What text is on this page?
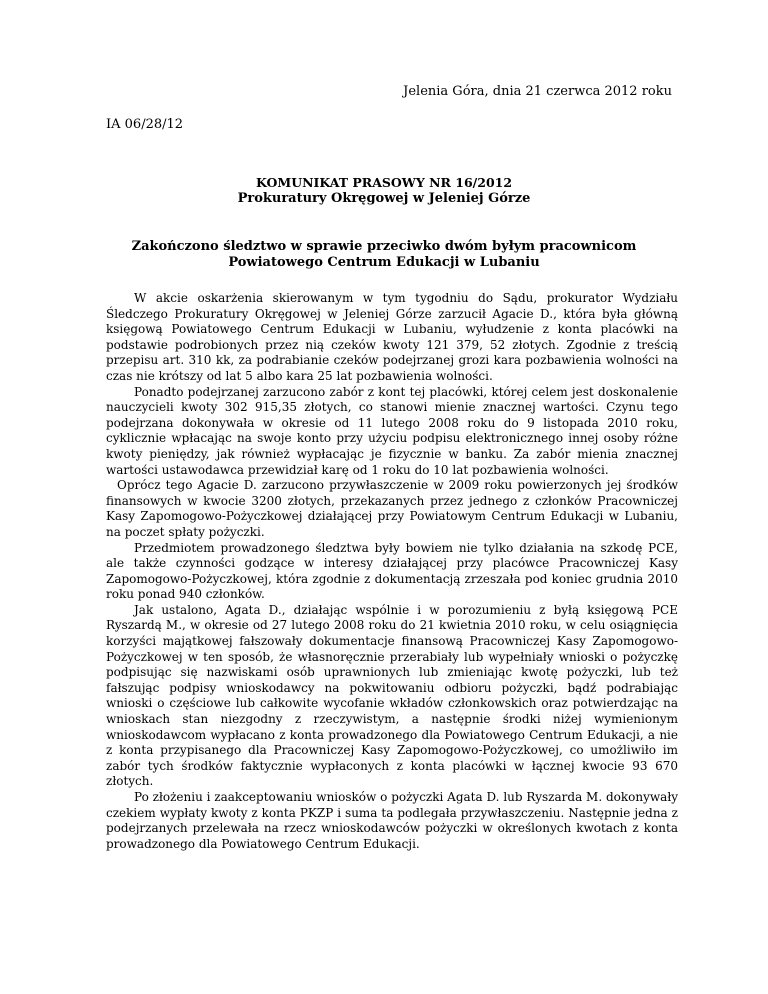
Jelenia Góra, dnia 21 czerwca 2012 roku
IA 06/28/12
KOMUNIKAT PRASOWY NR 16/2012
Prokuratury Okręgowej w Jeleniej Górze
Zakończono śledztwo w sprawie przeciwko dwóm byłym pracownicom
Powiatowego Centrum Edukacji w Lubaniu

W akcie oskarżenia skierowanym w tym tygodniu do Sądu, prokurator Wydziału Śledczego Prokuratury Okręgowej w Jeleniej Górze zarzucił Agacie D., która była główną księgową Powiatowego Centrum Edukacji w Lubaniu, wyłudzenie z konta placówki na podstawie podrobionych przez nią czeków kwoty 121 379, 52 złotych. Zgodnie z treścią przepisu art. 310 kk, za podrabianie czeków podejrzanej grozi kara pozbawienia wolności na czas nie krótszy od lat 5 albo kara 25 lat pozbawienia wolności.

Ponadto podejrzanej zarzucono zabór z kont tej placówki, której celem jest doskonalenie nauczycieli kwoty 302 915,35 złotych, co stanowi mienie znacznej wartości. Czynu tego podejrzana dokonywała w okresie od 11 lutego 2008 roku do 9 listopada 2010 roku, cyklicznie wpłacając na swoje konto przy użyciu podpisu elektronicznego innej osoby różne kwoty pieniędzy, jak również wypłacając je fizycznie w banku. Za zabór mienia znacznej wartości ustawodawca przewidział karę od 1 roku do 10 lat pozbawienia wolności.

Oprócz tego Agacie D. zarzucono przywłaszczenie w 2009 roku powierzonych jej środków finansowych w kwocie 3200 złotych, przekazanych przez jednego z członków Pracowniczej Kasy Zapomogowo-Pożyczkowej działającej przy Powiatowym Centrum Edukacji w Lubaniu, na poczet spłaty pożyczki.

Przedmiotem prowadzonego śledztwa były bowiem nie tylko działania na szkodę PCE, ale także czynności godzące w interesy działającej przy placówce Pracowniczej Kasy Zapomogowo-Pożyczkowej, która zgodnie z dokumentacją zrzeszała pod koniec grudnia 2010 roku ponad 940 członków.

Jak ustalono, Agata D., działając wspólnie i w porozumieniu z byłą księgową PCE Ryszardą M., w okresie od 27 lutego 2008 roku do 21 kwietnia 2010 roku, w celu osiągnięcia korzyści majątkowej fałszowały dokumentacje finansową Pracowniczej Kasy Zapomogowo-Pożyczkowej w ten sposób, że własnoręcznie przerabiały lub wypełniały wnioski o pożyczkę podpisując się nazwiskami osób uprawnionych lub zmieniając kwotę pożyczki, lub też fałszując podpisy wnioskodawcy na pokwitowaniu odbioru pożyczki, bądź podrabiając wnioski o częściowe lub całkowite wycofanie wkładów członkowskich oraz potwierdzając na wnioskach stan niezgodny z rzeczywistym, a następnie środki niżej wymienionym wnioskodawcom wypłacano z konta prowadzonego dla Powiatowego Centrum Edukacji, a nie z konta przypisanego dla Pracowniczej Kasy Zapomogowo-Pożyczkowej, co umożliwiło im zabór tych środków faktycznie wypłaconych z konta placówki w łącznej kwocie 93 670 złotych.

Po złożeniu i zaakceptowaniu wniosków o pożyczki Agata D. lub Ryszarda M. dokonywały czekiem wypłaty kwoty z konta PKZP i suma ta podlegała przywłaszczeniu. Następnie jedna z podejrzanych przelewała na rzecz wnioskodawców pożyczki w określonych kwotach z konta prowadzonego dla Powiatowego Centrum Edukacji.
